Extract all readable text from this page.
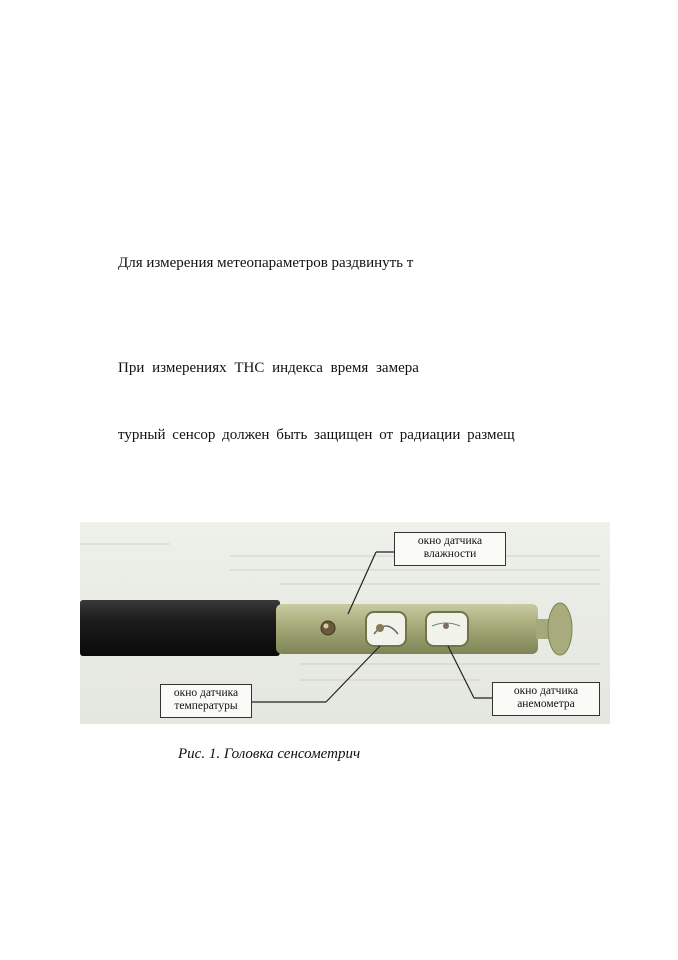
Для измерения метеопараметров раздвинуть т
При измерениях ТНС индекса время замера
турный сенсор должен быть защищен от радиации размещ
окно датчика
влажности
окно датчика
температуры
окно датчика
анемометра
Рис. 1. Головка сенсометрич
